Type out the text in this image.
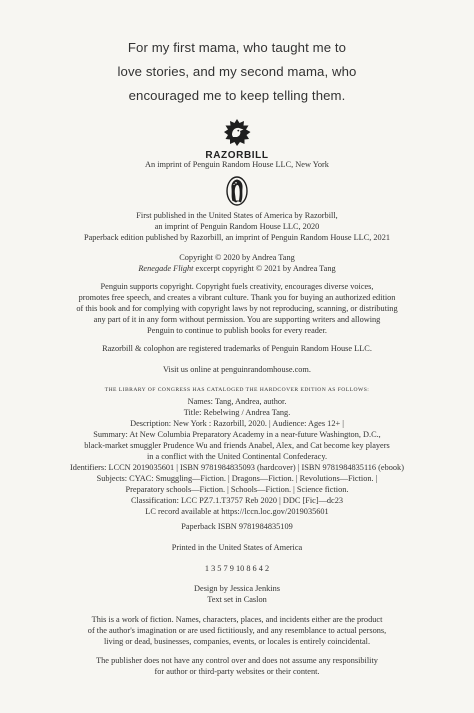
For my first mama, who taught me to
love stories, and my second mama, who
encouraged me to keep telling them.
RAZORBILL
An imprint of Penguin Random House LLC, New York
First published in the United States of America by Razorbill,
an imprint of Penguin Random House LLC, 2020
Paperback edition published by Razorbill, an imprint of Penguin Random House LLC, 2021
Copyright © 2020 by Andrea Tang
Renegade Flight excerpt copyright © 2021 by Andrea Tang
Penguin supports copyright. Copyright fuels creativity, encourages diverse voices,
promotes free speech, and creates a vibrant culture. Thank you for buying an authorized edition
of this book and for complying with copyright laws by not reproducing, scanning, or distributing
any part of it in any form without permission. You are supporting writers and allowing
Penguin to continue to publish books for every reader.
Razorbill & colophon are registered trademarks of Penguin Random House LLC.
Visit us online at penguinrandomhouse.com.
THE LIBRARY OF CONGRESS HAS CATALOGED THE HARDCOVER EDITION AS FOLLOWS:
Names: Tang, Andrea, author.
Title: Rebelwing / Andrea Tang.
Description: New York : Razorbill, 2020. | Audience: Ages 12+ |
Summary: At New Columbia Preparatory Academy in a near-future Washington, D.C.,
black-market smuggler Prudence Wu and friends Anabel, Alex, and Cat become key players
in a conflict with the United Continental Confederacy.
Identifiers: LCCN 2019035601 | ISBN 9781984835093 (hardcover) | ISBN 9781984835116 (ebook)
Subjects: CYAC: Smuggling—Fiction. | Dragons—Fiction. | Revolutions—Fiction. |
Preparatory schools—Fiction. | Schools—Fiction. | Science fiction.
Classification: LCC PZ7.1.T3757 Reb 2020 | DDC [Fic]—dc23
LC record available at https://lccn.loc.gov/2019035601
Paperback ISBN 9781984835109
Printed in the United States of America
1 3 5 7 9 10 8 6 4 2
Design by Jessica Jenkins
Text set in Caslon
This is a work of fiction. Names, characters, places, and incidents either are the product
of the author's imagination or are used fictitiously, and any resemblance to actual persons,
living or dead, businesses, companies, events, or locales is entirely coincidental.
The publisher does not have any control over and does not assume any responsibility
for author or third-party websites or their content.
